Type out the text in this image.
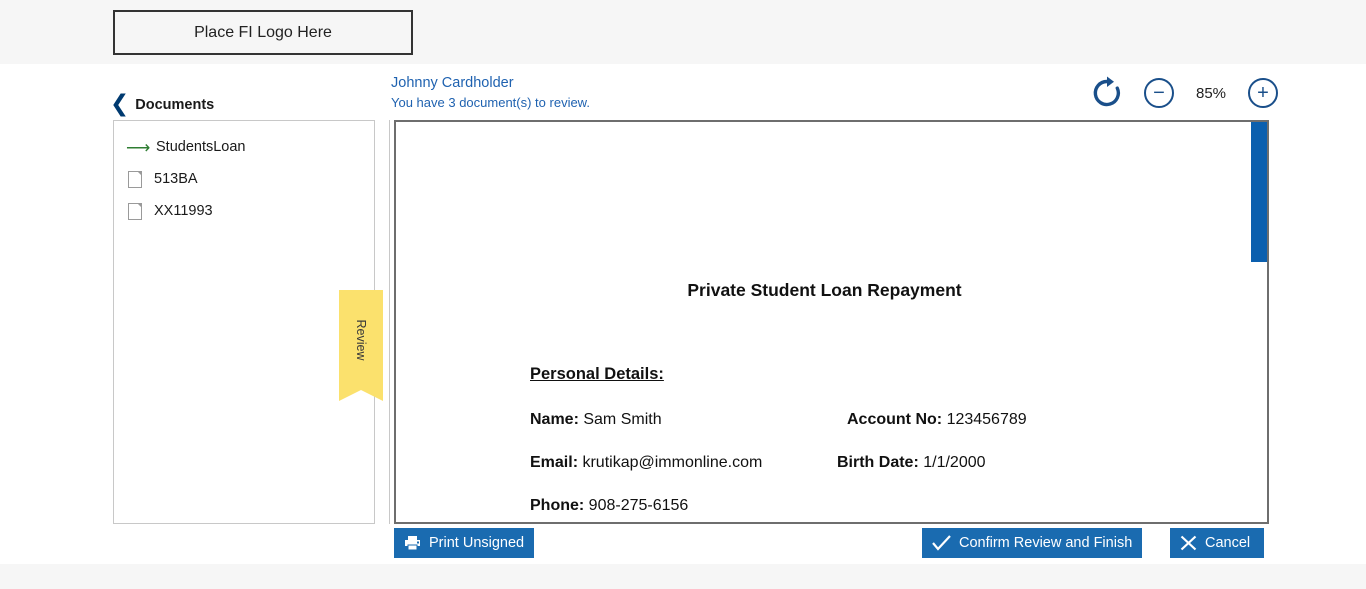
Place FI Logo Here
❮ Documents
Johnny Cardholder
You have 3 document(s) to review.	− 85% +
⟶ StudentsLoan
513BA
XX11993
Review
Private Student Loan Repayment
Personal Details:
Name: Sam Smith	Account No: 123456789
Email: krutikap@immonline.com	Birth Date: 1/1/2000
Phone: 908-275-6156
Print Unsigned	Confirm Review and Finish	Cancel
